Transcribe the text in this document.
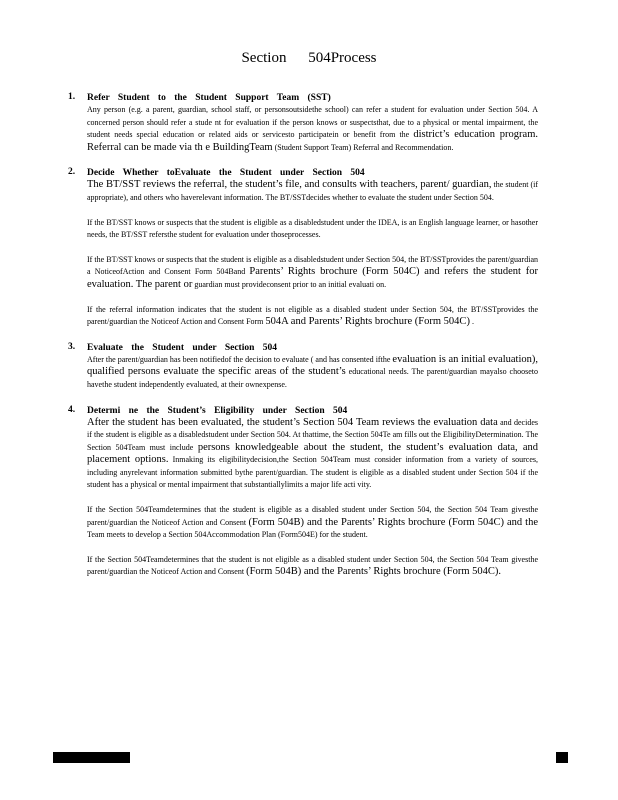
Section 504Process
1. Refer Student to the Student Support Team (SST)

Any person (e.g. a parent, guardian, school staff, or personsoutsidethe school) can refer a student for evaluation under Section 504. A concerned person should refer a stude nt for evaluation if the person knows or suspectsthat, due to a physical or mental impairment, the student needs special education or related aids or servicesto participatein or benefit from the district’s education program. Referral can be made via th e BuildingTeam (Student Support Team) Referral and Recommendation.

2. Decide Whether toEvaluate the Student under Section 504

The BT/SST reviews the referral, the student’s file, and consults with teachers, parent/ guardian, the student (if appropriate), and others who haverelevant information. The BT/SSTdecides whether to evaluate the student under Section 504.

If the BT/SST knows or suspects that the student is eligible as a disabledstudent under the IDEA, is an English language learner, or hasother needs, the BT/SST refersthe student for evaluation under thoseprocesses.

If the BT/SST knows or suspects that the student is eligible as a disabledstudent under Section 504, the BT/SSTprovides the parent/guardian a NoticeofAction and Consent Form 504Band Parents’ Rights brochure (Form 504C) and refers the student for evaluation. The parent or guardian must provideconsent prior to an initial evaluati on.

If the referral information indicates that the student is not eligible as a disabled student under Section 504, the BT/SSTprovides the parent/guardian the Noticeof Action and Consent Form 504A and Parents’ Rights brochure (Form 504C) .

3. Evaluate the Student under Section 504

After the parent/guardian has been notifiedof the decision to evaluate ( and has consented ifthe evaluation is an initial evaluation), qualified persons evaluate the specific areas of the student’s educational needs. The parent/guardian mayalso chooseto havethe student independently evaluated, at their ownexpense.

4. Determi ne the Student’s Eligibility under Section 504

After the student has been evaluated, the student’s Section 504 Team reviews the evaluation data and decides if the student is eligible as a disabledstudent under Section 504. At thattime, the Section 504Te am fills out the EligibilityDetermination. The Section 504Team must include persons knowledgeable about the student, the student’s evaluation data, and placement options. Inmaking its eligibilitydecision,the Section 504Team must consider information from a variety of sources, including anyrelevant information submitted bythe parent/guardian. The student is eligible as a disabled student under Section 504 if the student has a physical or mental impairment that substantiallylimits a major life acti vity.

If the Section 504Teamdetermines that the student is eligible as a disabled student under Section 504, the Section 504 Team givesthe parent/guardian the Noticeof Action and Consent (Form 504B) and the Parents’ Rights brochure (Form 504C) and the Team meets to develop a Section 504Accommodation Plan (Form504E) for the student.

If the Section 504Teamdetermines that the student is not eligible as a disabled student under Section 504, the Section 504 Team givesthe parent/guardian the Noticeof Action and Consent (Form 504B) and the Parents’ Rights brochure (Form 504C).
